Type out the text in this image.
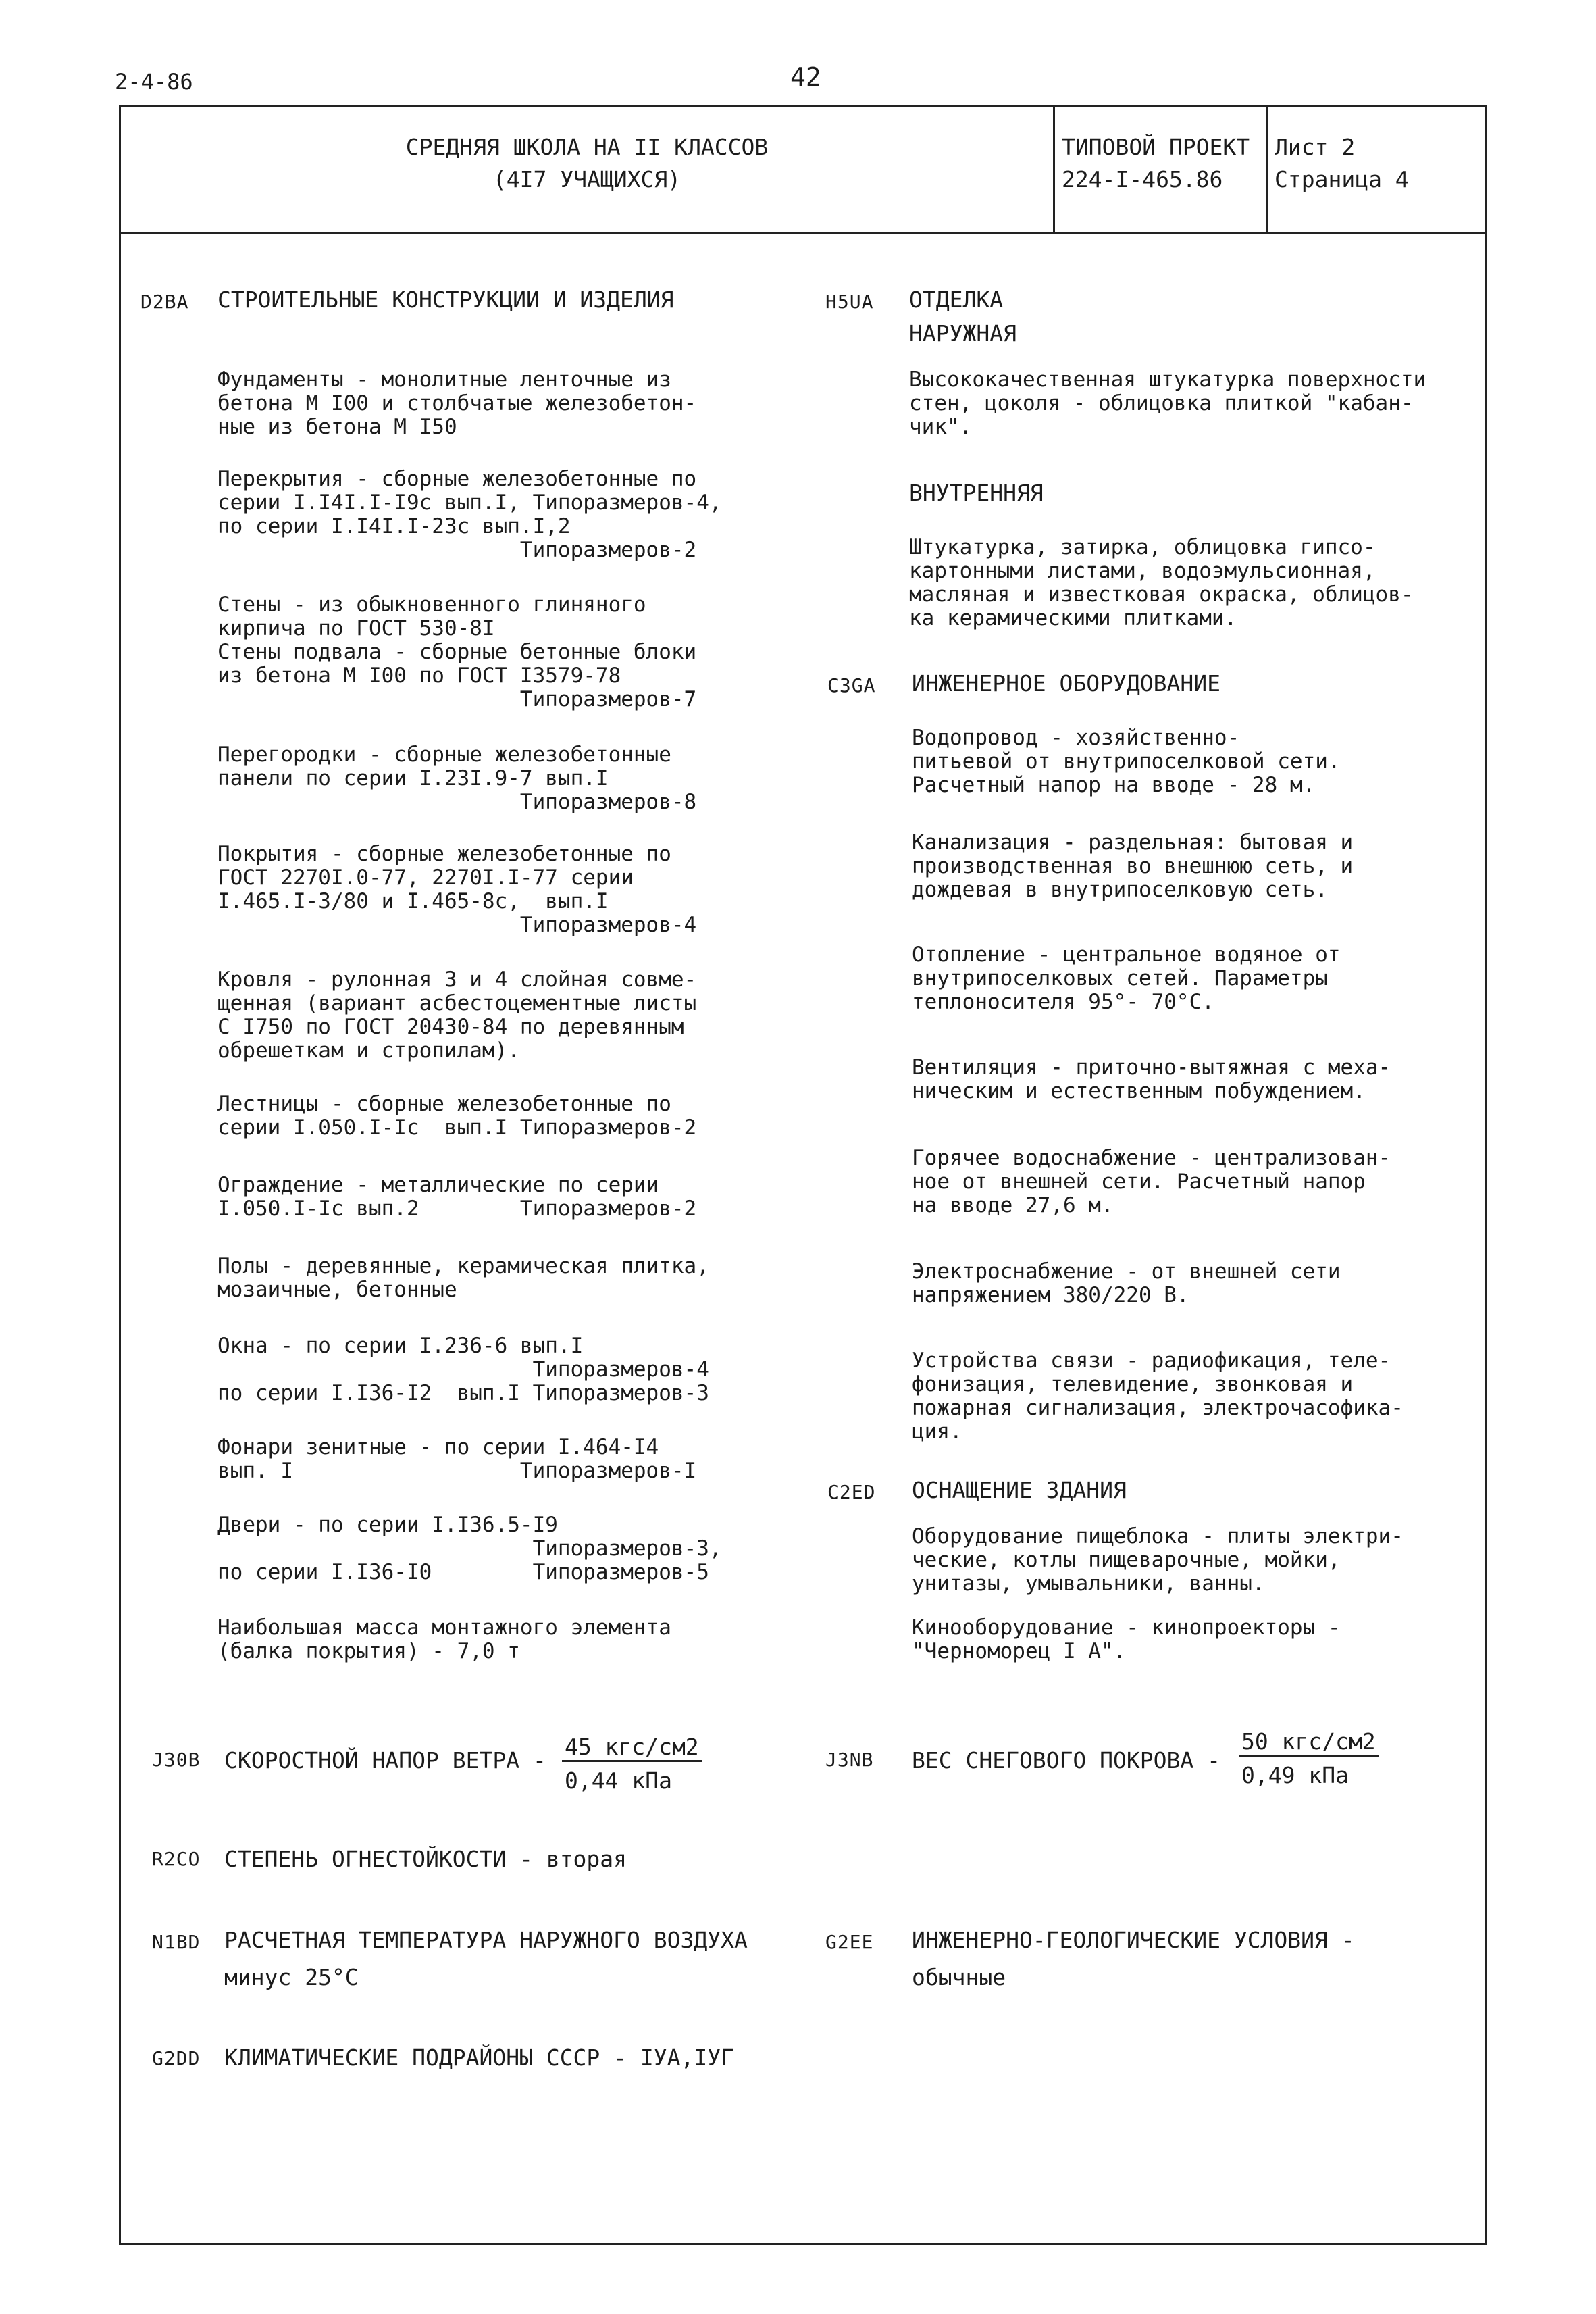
2-4-86	42
СРЕДНЯЯ ШКОЛА НА II КЛАССОВ
(4I7 УЧАЩИХСЯ)
ТИПОВОЙ ПРОЕКТ
224-I-465.86
Лист 2
Страница 4
D2BA СТРОИТЕЛЬНЫЕ КОНСТРУКЦИИ И ИЗДЕЛИЯ
Фундаменты - монолитные ленточные из
бетона М I00 и столбчатые железобетон-
ные из бетона М I50
Перекрытия - сборные железобетонные по
серии I.I4I.I-I9с вып.I, Типоразмеров-4,
по серии I.I4I.I-23с вып.I,2
Типоразмеров-2
Стены - из обыкновенного глиняного
кирпича по ГОСТ 530-8I
Стены подвала - сборные бетонные блоки
из бетона М I00 по ГОСТ I3579-78
Типоразмеров-7
Перегородки - сборные железобетонные
панели по серии I.23I.9-7 вып.I
Типоразмеров-8
Покрытия - сборные железобетонные по
ГОСТ 2270I.0-77, 2270I.I-77 серии
I.465.I-3/80 и I.465-8с,  вып.I
Типоразмеров-4
Кровля - рулонная 3 и 4 слойная совме-
щенная (вариант асбестоцементные листы
С I750 по ГОСТ 20430-84 по деревянным
обрешеткам и стропилам).
Лестницы - сборные железобетонные по
серии I.050.I-Iс  вып.I Типоразмеров-2
Ограждение - металлические по серии
I.050.I-Iс вып.2        Типоразмеров-2
Полы - деревянные, керамическая плитка,
мозаичные, бетонные
Окна - по серии I.236-6 вып.I
Типоразмеров-4
по серии I.I36-I2  вып.I Типоразмеров-3
Фонари зенитные - по серии I.464-I4
вып. I                  Типоразмеров-I
Двери - по серии I.I36.5-I9
Типоразмеров-3,
по серии I.I36-I0        Типоразмеров-5
Наибольшая масса монтажного элемента
(балка покрытия) - 7,0 т
J30B СКОРОСТНОЙ НАПОР ВЕТРА -
45 кгс/см2
0,44 кПа
R2CO СТЕПЕНЬ ОГНЕСТОЙКОСТИ - вторая
N1BD РАСЧЕТНАЯ ТЕМПЕРАТУРА НАРУЖНОГО ВОЗДУХА
минус 25°С
G2DD КЛИМАТИЧЕСКИЕ ПОДРАЙОНЫ СССР - IУА,IУГ
H5UA ОТДЕЛКА
НАРУЖНАЯ
Высококачественная штукатурка поверхности
стен, цоколя - облицовка плиткой "кабан-
чик".
ВНУТРЕННЯЯ
Штукатурка, затирка, облицовка гипсо-
картонными листами, водоэмульсионная,
масляная и известковая окраска, облицов-
ка керамическими плитками.
C3GA ИНЖЕНЕРНОЕ ОБОРУДОВАНИЕ
Водопровод - хозяйственно-
питьевой от внутрипоселковой сети.
Расчетный напор на вводе - 28 м.
Канализация - раздельная: бытовая и
производственная во внешнюю сеть, и
дождевая в внутрипоселковую сеть.
Отопление - центральное водяное от
внутрипоселковых сетей. Параметры
теплоносителя 95°- 70°С.
Вентиляция - приточно-вытяжная с меха-
ническим и естественным побуждением.
Горячее водоснабжение - централизован-
ное от внешней сети. Расчетный напор
на вводе 27,6 м.
Электроснабжение - от внешней сети
напряжением 380/220 В.
Устройства связи - радиофикация, теле-
фонизация, телевидение, звонковая и
пожарная сигнализация, электрочасофика-
ция.
C2ED ОСНАЩЕНИЕ ЗДАНИЯ
Оборудование пищеблока - плиты электри-
ческие, котлы пищеварочные, мойки,
унитазы, умывальники, ванны.
Кинооборудование - кинопроекторы -
"Черноморец I А".
J3NB ВЕС СНЕГОВОГО ПОКРОВА -
50 кгс/см2
0,49 кПа
G2EE ИНЖЕНЕРНО-ГЕОЛОГИЧЕСКИЕ УСЛОВИЯ -
обычные
